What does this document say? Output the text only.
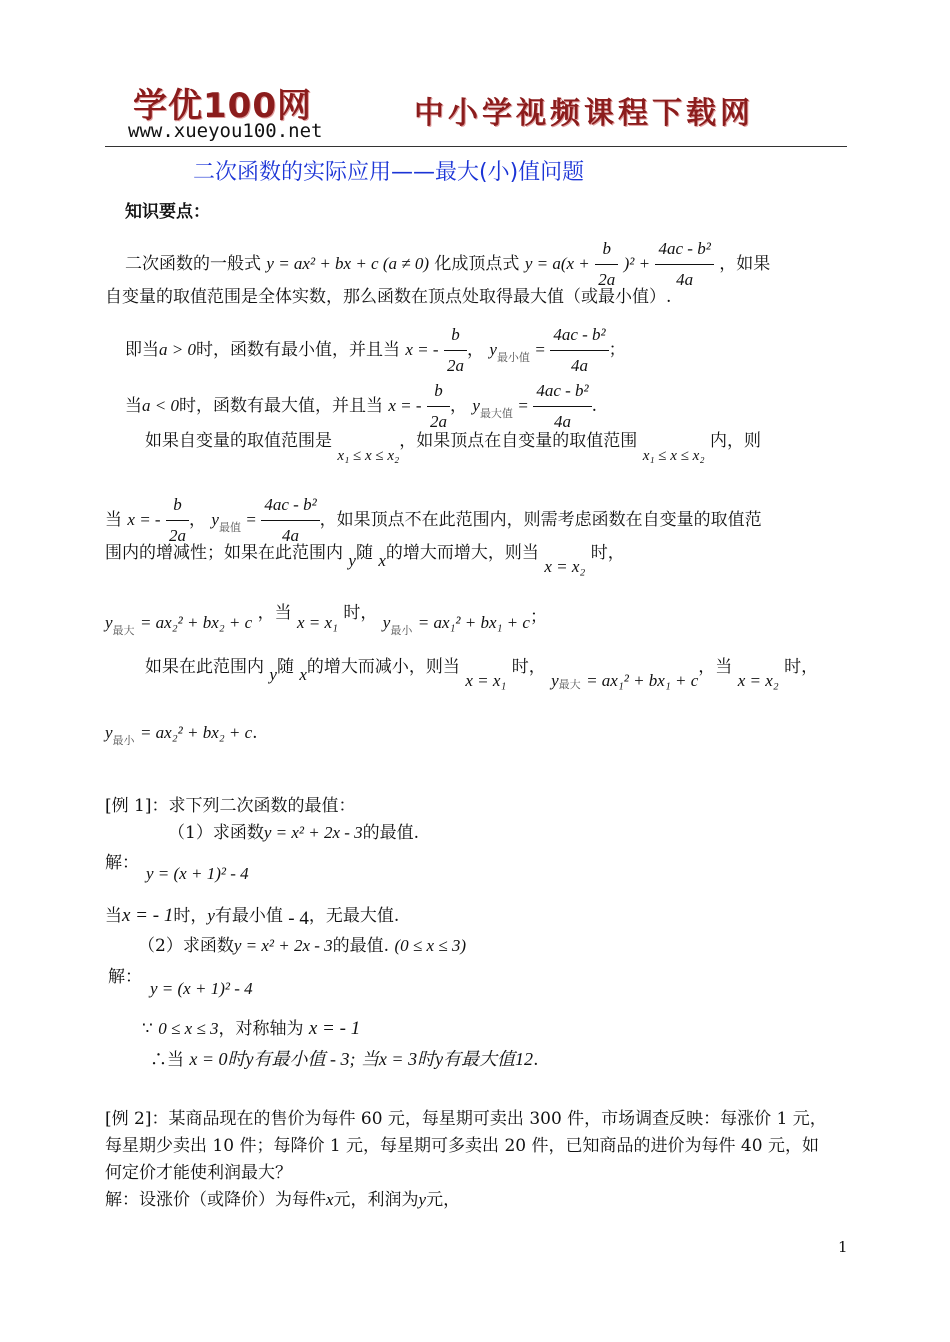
学优100网
www.xueyou100.net	中小学视频课程下载网
二次函数的实际应用——最大(小)值问题
知识要点：
二次函数的一般式 y = ax² + bx + c (a ≠ 0) 化成顶点式 $y = a(x + \frac{b}{2a} )^2 + \frac{\text{4ac - b²}}{4a}$ ，如果
自变量的取值范围是全体实数，那么函数在顶点处取得最大值（或最小值）.
即当a > 0时，函数有最小值，并且当 x = - $\frac{b}{2a}$ ， $y_{最小值} = \frac{\text{4ac - b²}}{4a}$ ；
当a < 0时，函数有最大值，并且当 x = - $\frac{b}{2a}$ ， $y_{最大值} = \frac{\text{4ac - b²}}{4a}$ .
如果自变量的取值范围是 x₁ ≤ x ≤ x₂，如果顶点在自变量的取值范围 x₁ ≤ x ≤ x₂ 内，则
当 x = - $\frac{b}{2a}$ ， $y_{最值} = \frac{\text{4ac - b²}}{4a}$ ，如果顶点不在此范围内，则需考虑函数在自变量的取值范
围内的增减性；如果在此范围内 y随 x的增大而增大，则当 x = x₂ 时，
$y_{最大} = ax_2^2 + bx_2 + c$ ，当 x = x₁ 时， $y_{最小} = ax_1^2 + bx_1 + c$；
如果在此范围内 y随 x的增大而减小，则当 x = x₁ 时， $y_{最大} = ax_1^2 + bx_1 + c$，当 x = x₂ 时，
$y_{最小} = ax_2^2 + bx_2 + c$.
[例 1]：求下列二次函数的最值：
（1）求函数y = x² + 2x - 3的最值.
解：
y = (x + 1)² - 4
当x = - 1时，y有最小值 - 4，无最大值.
（2）求函数y = x² + 2x - 3的最值. (0 ≤ x ≤ 3)
解：
y = (x + 1)² - 4
∵ 0 ≤ x ≤ 3，对称轴为 x = - 1
∴当 x = 0时y有最小值 - 3; 当x = 3时y有最大值12.
[例 2]：某商品现在的售价为每件 60 元，每星期可卖出 300 件，市场调查反映：每涨价 1 元，
每星期少卖出 10 件；每降价 1 元，每星期可多卖出 20 件，已知商品的进价为每件 40 元，如
何定价才能使利润最大？
解：设涨价（或降价）为每件x元，利润为y元，
1
